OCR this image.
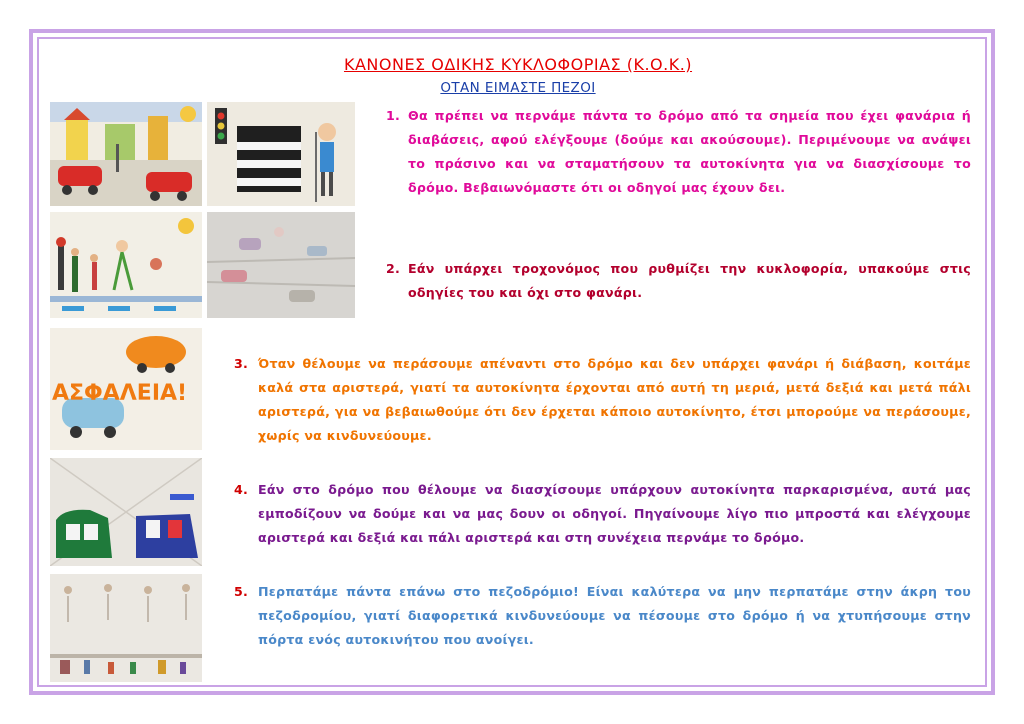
ΚΑΝΟΝΕΣ ΟΔΙΚΗΣ ΚΥΚΛΟΦΟΡΙΑΣ (Κ.Ο.Κ.)
ΟΤΑΝ ΕΙΜΑΣΤΕ ΠΕΖΟΙ
ΑΣΦΑΛΕΙΑ!
1. Θα πρέπει να περνάμε πάντα το δρόμο από τα σημεία που έχει φανάρια ή διαβάσεις, αφού ελέγξουμε (δούμε και ακούσουμε). Περιμένουμε να ανάψει το πράσινο και να σταματήσουν τα αυτοκίνητα για να διασχίσουμε το δρόμο. Βεβαιωνόμαστε ότι οι οδηγοί μας έχουν δει.
2. Εάν υπάρχει τροχονόμος που ρυθμίζει την κυκλοφορία, υπακούμε στις οδηγίες του και όχι στο φανάρι.
3. Όταν θέλουμε να περάσουμε απέναντι στο δρόμο και δεν υπάρχει φανάρι ή διάβαση, κοιτάμε καλά στα αριστερά, γιατί τα αυτοκίνητα έρχονται από αυτή τη μεριά, μετά δεξιά και μετά πάλι αριστερά, για να βεβαιωθούμε ότι δεν έρχεται κάποιο αυτοκίνητο, έτσι μπορούμε να περάσουμε, χωρίς να κινδυνεύουμε.
4. Εάν στο δρόμο που θέλουμε να διασχίσουμε υπάρχουν αυτοκίνητα παρκαρισμένα, αυτά μας εμποδίζουν να δούμε και να μας δουν οι οδηγοί. Πηγαίνουμε λίγο πιο μπροστά και ελέγχουμε αριστερά και δεξιά και πάλι αριστερά και στη συνέχεια περνάμε το δρόμο.
5. Περπατάμε πάντα επάνω στο πεζοδρόμιο! Είναι καλύτερα να μην περπατάμε στην άκρη του πεζοδρομίου, γιατί διαφορετικά κινδυνεύουμε να πέσουμε στο δρόμο ή να χτυπήσουμε στην πόρτα ενός αυτοκινήτου που ανοίγει.
